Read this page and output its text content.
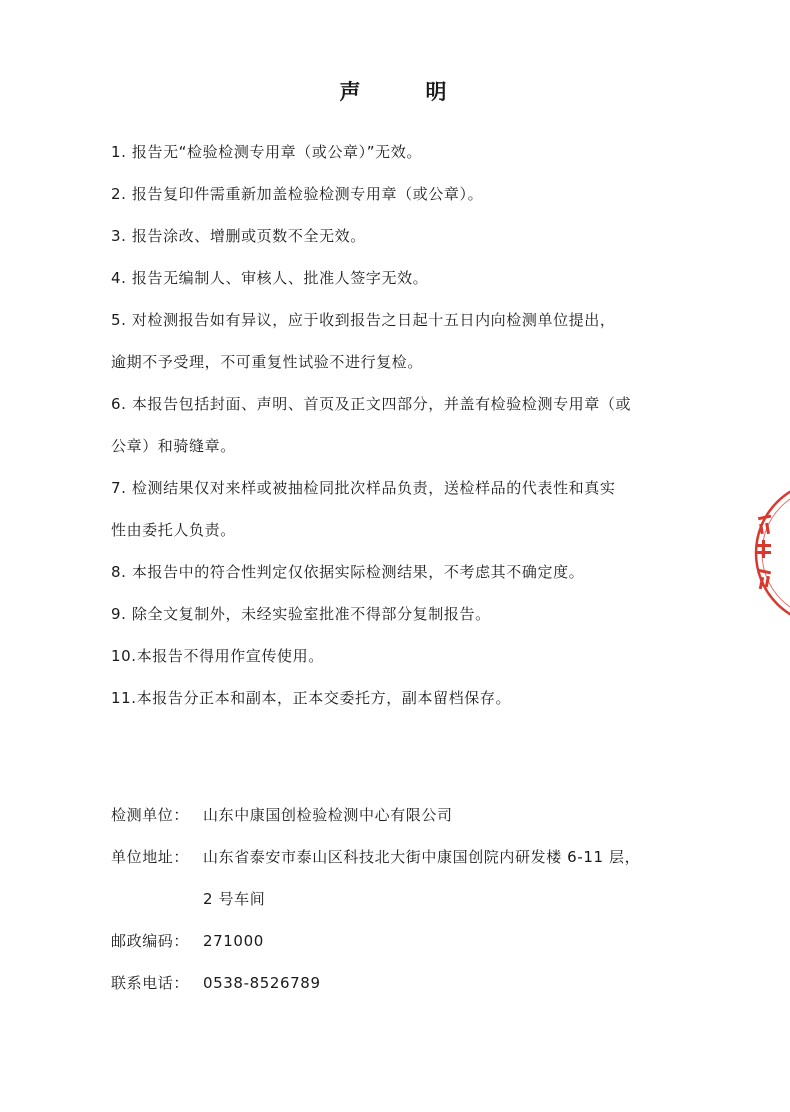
声　明
1. 报告无“检验检测专用章（或公章）”无效。
2. 报告复印件需重新加盖检验检测专用章（或公章）。
3. 报告涂改、增删或页数不全无效。
4. 报告无编制人、审核人、批准人签字无效。
5. 对检测报告如有异议，应于收到报告之日起十五日内向检测单位提出，
逾期不予受理，不可重复性试验不进行复检。
6. 本报告包括封面、声明、首页及正文四部分，并盖有检验检测专用章（或
公章）和骑缝章。
7. 检测结果仅对来样或被抽检同批次样品负责，送检样品的代表性和真实
性由委托人负责。
8. 本报告中的符合性判定仅依据实际检测结果，不考虑其不确定度。
9. 除全文复制外，未经实验室批准不得部分复制报告。
10.本报告不得用作宣传使用。
11.本报告分正本和副本，正本交委托方，副本留档保存。
检测单位： 山东中康国创检验检测中心有限公司
单位地址： 山东省泰安市泰山区科技北大街中康国创院内研发楼 6-11 层，
2 号车间
邮政编码： 271000
联系电话： 0538-8526789
